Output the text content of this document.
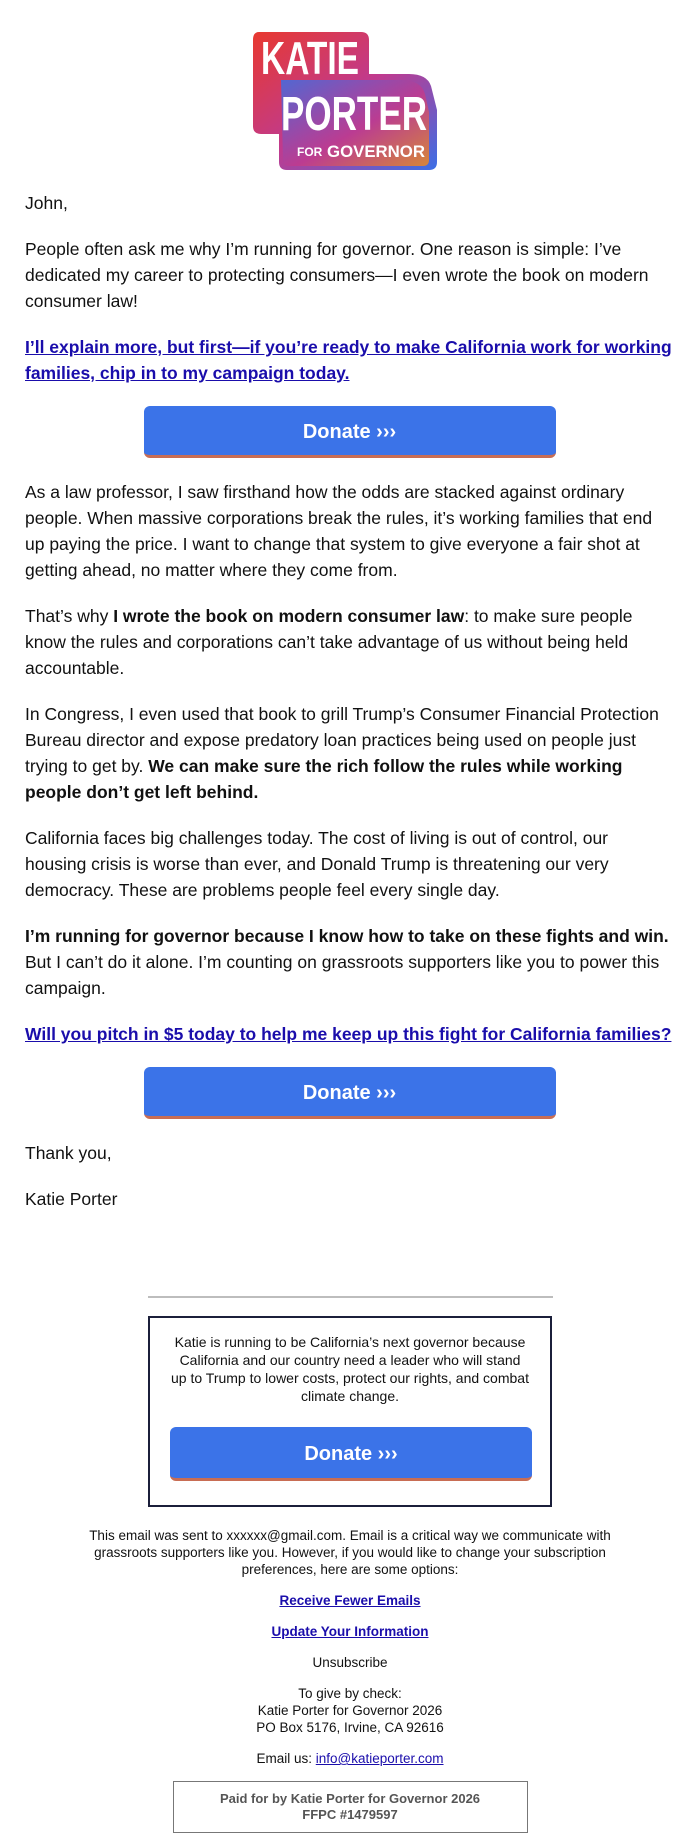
KATIE
PORTER
FOR GOVERNOR

John,

People often ask me why I’m running for governor. One reason is simple: I’ve dedicated my career to protecting consumers—I even wrote the book on modern consumer law!

I’ll explain more, but first—if you’re ready to make California work for working families, chip in to my campaign today.

Donate ›››

As a law professor, I saw firsthand how the odds are stacked against ordinary people. When massive corporations break the rules, it’s working families that end up paying the price. I want to change that system to give everyone a fair shot at getting ahead, no matter where they come from.

That’s why I wrote the book on modern consumer law: to make sure people know the rules and corporations can’t take advantage of us without being held accountable.

In Congress, I even used that book to grill Trump’s Consumer Financial Protection Bureau director and expose predatory loan practices being used on people just trying to get by. We can make sure the rich follow the rules while working people don’t get left behind.

California faces big challenges today. The cost of living is out of control, our housing crisis is worse than ever, and Donald Trump is threatening our very democracy. These are problems people feel every single day.

I’m running for governor because I know how to take on these fights and win. But I can’t do it alone. I’m counting on grassroots supporters like you to power this campaign.

Will you pitch in $5 today to help me keep up this fight for California families?

Donate ›››

Thank you,

Katie Porter

Katie is running to be California’s next governor because California and our country need a leader who will stand up to Trump to lower costs, protect our rights, and combat climate change.
Donate ›››

This email was sent to xxxxxx@gmail.com. Email is a critical way we communicate with grassroots supporters like you. However, if you would like to change your subscription preferences, here are some options:

Receive Fewer Emails

Update Your Information

Unsubscribe

To give by check:
Katie Porter for Governor 2026
PO Box 5176, Irvine, CA 92616

Email us: info@katieporter.com

Paid for by Katie Porter for Governor 2026
FFPC #1479597
